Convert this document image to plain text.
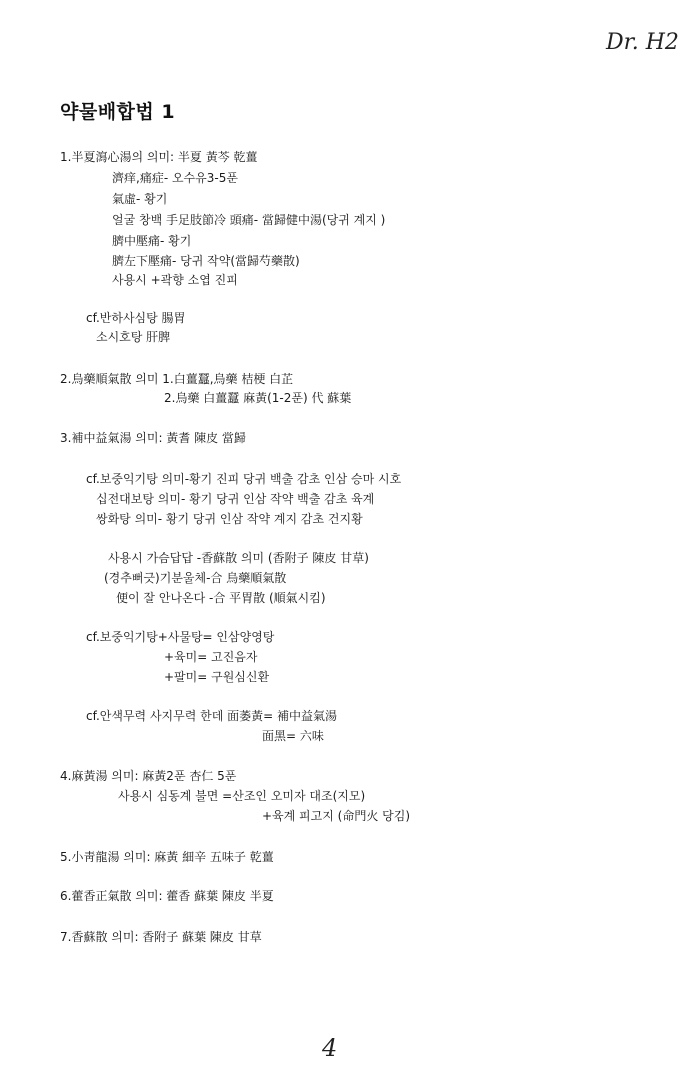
Dr. H2
약물배합법 1
1.半夏瀉心湯의 의미: 半夏 黃芩 乾薑
濟痒,痛症- 오수유3-5푼
氣虛- 황기
얼굴 창백 手足肢節冷 頭痛- 當歸健中湯(당귀 계지 )
臍中壓痛- 황기
臍左下壓痛- 당귀 작약(當歸芍藥散)
사용시 +곽향 소엽 진피
cf.반하사심탕 腸胃
소시호탕 肝脾
2.烏藥順氣散 의미 1.白薑蠶,烏藥 桔梗 白芷
2.烏藥 白薑蠶 麻黃(1-2푼) 代 蘇葉
3.補中益氣湯 의미: 黃耆 陳皮 當歸
cf.보중익기탕 의미-황기 진피 당귀 백출 감초 인삼 승마 시호
십전대보탕 의미- 황기 당귀 인삼 작약 백출 감초 육계
쌍화탕 의미- 황기 당귀 인삼 작약 계지 감초 건지황
사용시 가슴답답 -香蘇散 의미 (香附子 陳皮 甘草)
(경추뻐긋)기분울체-合 烏藥順氣散
便이 잘 안나온다 -合 平胃散 (順氣시킴)
cf.보중익기탕+사물탕= 인삼양영탕
+육미= 고진음자
+팔미= 구원심신환
cf.안색무력 사지무력 한데 面萎黃= 補中益氣湯
面黑= 六味
4.麻黃湯 의미: 麻黃2푼 杏仁 5푼
사용시 심동계 불면 =산조인 오미자 대조(지모)
+육계 피고지 (命門火 당김)
5.小靑龍湯 의미: 麻黃 細辛 五味子 乾薑
6.藿香正氣散 의미: 藿香 蘇葉 陳皮 半夏
7.香蘇散 의미: 香附子 蘇葉 陳皮 甘草
4
